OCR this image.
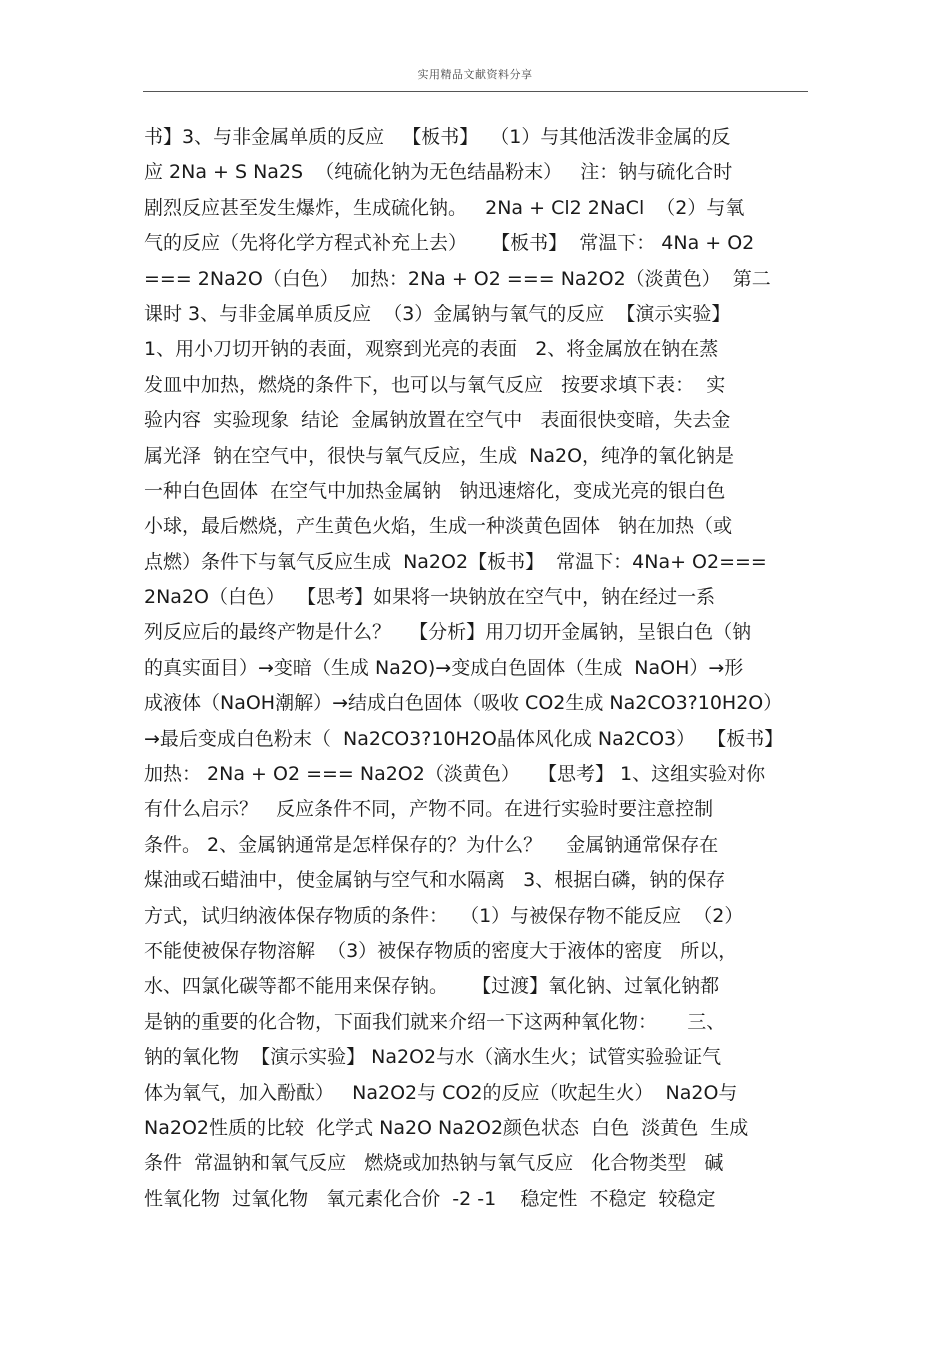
实用精品文献资料分享
书】3、与非金属单质的反应   【板书】  （1）与其他活泼非金属的反
应 2Na + S Na2S  （纯硫化钠为无色结晶粉末）   注：钠与硫化合时
剧烈反应甚至发生爆炸，生成硫化钠。   2Na + Cl2 2NaCl  （2）与氧
气的反应（先将化学方程式补充上去）    【板书】  常温下： 4Na + O2
=== 2Na2O（白色）  加热：2Na + O2 === Na2O2（淡黄色）  第二
课时 3、与非金属单质反应  （3）金属钠与氧气的反应  【演示实验】
1、用小刀切开钠的表面，观察到光亮的表面   2、将金属放在钠在蒸
发皿中加热，燃烧的条件下，也可以与氧气反应   按要求填下表：  实
验内容  实验现象  结论  金属钠放置在空气中   表面很快变暗，失去金
属光泽  钠在空气中，很快与氧气反应，生成  Na2O，纯净的氧化钠是
一种白色固体  在空气中加热金属钠   钠迅速熔化，变成光亮的银白色
小球，最后燃烧，产生黄色火焰，生成一种淡黄色固体   钠在加热（或
点燃）条件下与氧气反应生成  Na2O2【板书】  常温下：4Na+ O2===
2Na2O（白色）  【思考】如果将一块钠放在空气中，钠在经过一系
列反应后的最终产物是什么？   【分析】用刀切开金属钠，呈银白色（钠
的真实面目）→变暗（生成 Na2O)→变成白色固体（生成  NaOH）→形
成液体（NaOH潮解）→结成白色固体（吸收 CO2生成 Na2CO3?10H2O）
→最后变成白色粉末（  Na2CO3?10H2O晶体风化成 Na2CO3）  【板书】
加热： 2Na + O2 === Na2O2（淡黄色）   【思考】 1、这组实验对你
有什么启示？   反应条件不同，产物不同。在进行实验时要注意控制
条件。 2、金属钠通常是怎样保存的？为什么？    金属钠通常保存在
煤油或石蜡油中，使金属钠与空气和水隔离   3、根据白磷，钠的保存
方式，试归纳液体保存物质的条件：  （1）与被保存物不能反应  （2）
不能使被保存物溶解  （3）被保存物质的密度大于液体的密度   所以，
水、四氯化碳等都不能用来保存钠。    【过渡】氧化钠、过氧化钠都
是钠的重要的化合物，下面我们就来介绍一下这两种氧化物：     三、
钠的氧化物  【演示实验】 Na2O2与水（滴水生火；试管实验验证气
体为氧气，加入酚酞）   Na2O2与 CO2的反应（吹起生火）  Na2O与
Na2O2性质的比较  化学式 Na2O Na2O2颜色状态  白色  淡黄色  生成
条件  常温钠和氧气反应   燃烧或加热钠与氧气反应   化合物类型   碱
性氧化物  过氧化物   氧元素化合价  -2 -1    稳定性  不稳定  较稳定
